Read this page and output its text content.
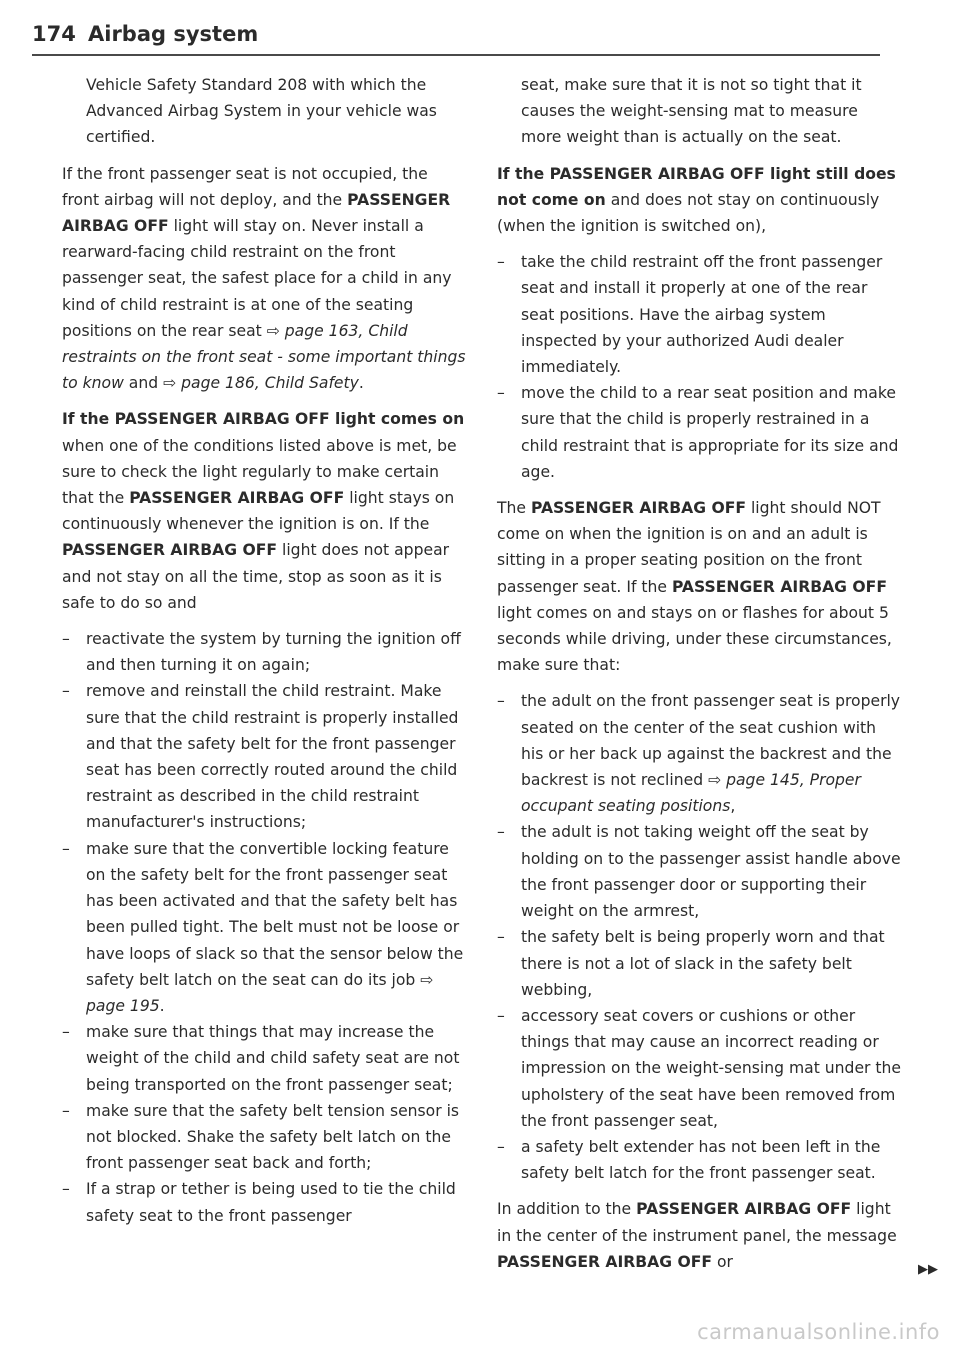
174 Airbag system

Vehicle Safety Standard 208 with which the Advanced Airbag System in your vehicle was certified.

If the front passenger seat is not occupied, the front airbag will not deploy, and the PASSENGER AIRBAG OFF light will stay on. Never install a rearward-facing child restraint on the front passenger seat, the safest place for a child in any kind of child restraint is at one of the seating positions on the rear seat ⇨ page 163, Child restraints on the front seat - some important things to know and ⇨ page 186, Child Safety.

If the PASSENGER AIRBAG OFF light comes on when one of the conditions listed above is met, be sure to check the light regularly to make certain that the PASSENGER AIRBAG OFF light stays on continuously whenever the ignition is on. If the PASSENGER AIRBAG OFF light does not appear and not stay on all the time, stop as soon as it is safe to do so and

– reactivate the system by turning the ignition off and then turning it on again;
– remove and reinstall the child restraint. Make sure that the child restraint is properly installed and that the safety belt for the front passenger seat has been correctly routed around the child restraint as described in the child restraint manufacturer's instructions;
– make sure that the convertible locking feature on the safety belt for the front passenger seat has been activated and that the safety belt has been pulled tight. The belt must not be loose or have loops of slack so that the sensor below the safety belt latch on the seat can do its job ⇨ page 195.
– make sure that things that may increase the weight of the child and child safety seat are not being transported on the front passenger seat;
– make sure that the safety belt tension sensor is not blocked. Shake the safety belt latch on the front passenger seat back and forth;
– If a strap or tether is being used to tie the child safety seat to the front passenger

seat, make sure that it is not so tight that it causes the weight-sensing mat to measure more weight than is actually on the seat.

If the PASSENGER AIRBAG OFF light still does not come on and does not stay on continuously (when the ignition is switched on),

– take the child restraint off the front passenger seat and install it properly at one of the rear seat positions. Have the airbag system inspected by your authorized Audi dealer immediately.
– move the child to a rear seat position and make sure that the child is properly restrained in a child restraint that is appropriate for its size and age.

The PASSENGER AIRBAG OFF light should NOT come on when the ignition is on and an adult is sitting in a proper seating position on the front passenger seat. If the PASSENGER AIRBAG OFF light comes on and stays on or flashes for about 5 seconds while driving, under these circumstances, make sure that:

– the adult on the front passenger seat is properly seated on the center of the seat cushion with his or her back up against the backrest and the backrest is not reclined ⇨ page 145, Proper occupant seating positions,
– the adult is not taking weight off the seat by holding on to the passenger assist handle above the front passenger door or supporting their weight on the armrest,
– the safety belt is being properly worn and that there is not a lot of slack in the safety belt webbing,
– accessory seat covers or cushions or other things that may cause an incorrect reading or impression on the weight-sensing mat under the upholstery of the seat have been removed from the front passenger seat,
– a safety belt extender has not been left in the safety belt latch for the front passenger seat.

In addition to the PASSENGER AIRBAG OFF light in the center of the instrument panel, the message PASSENGER AIRBAG OFF or	▶▶
carmanualsonline.info
